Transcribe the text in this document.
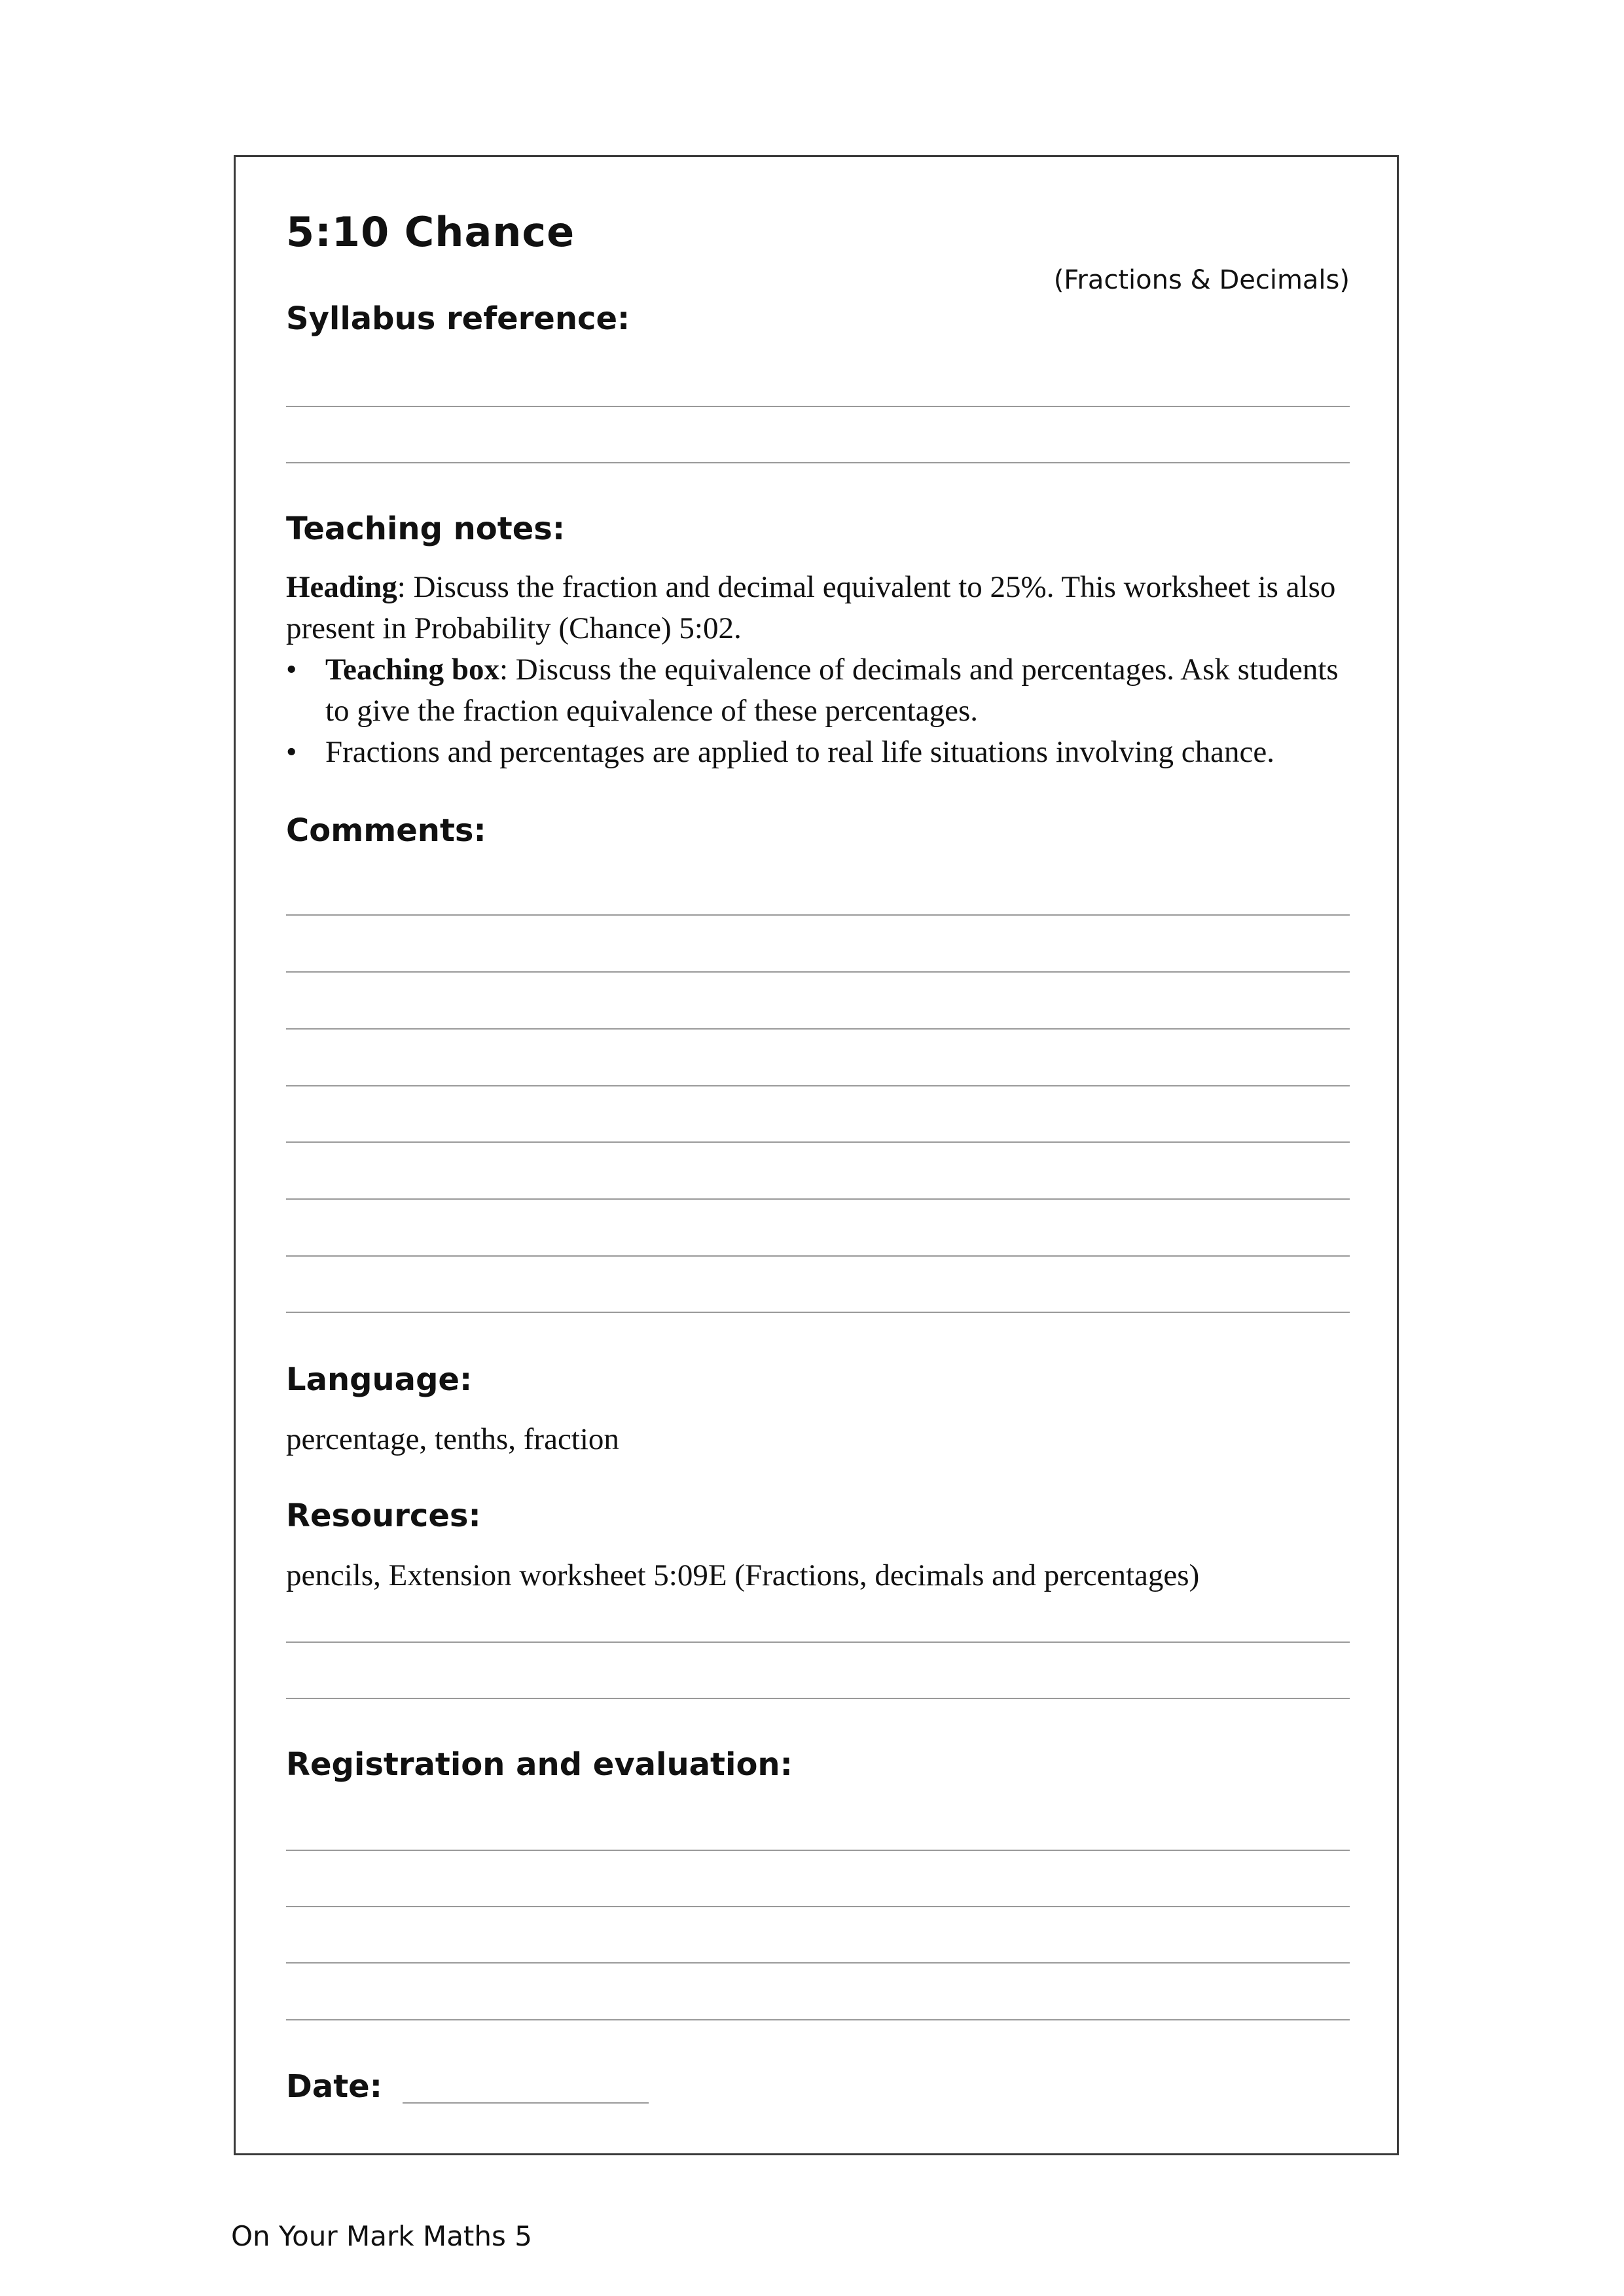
5:10 Chance
(Fractions & Decimals)
Syllabus reference:
Teaching notes:

Heading: Discuss the fraction and decimal equivalent to 25%. This worksheet is also present in Probability (Chance) 5:02.

• Teaching box: Discuss the equivalence of decimals and percentages. Ask students to give the fraction equivalence of these percentages.
• Fractions and percentages are applied to real life situations involving chance.
Comments:
Language:
percentage, tenths, fraction
Resources:
pencils, Extension worksheet 5:09E (Fractions, decimals and percentages)
Registration and evaluation:
Date:
On Your Mark Maths 5
